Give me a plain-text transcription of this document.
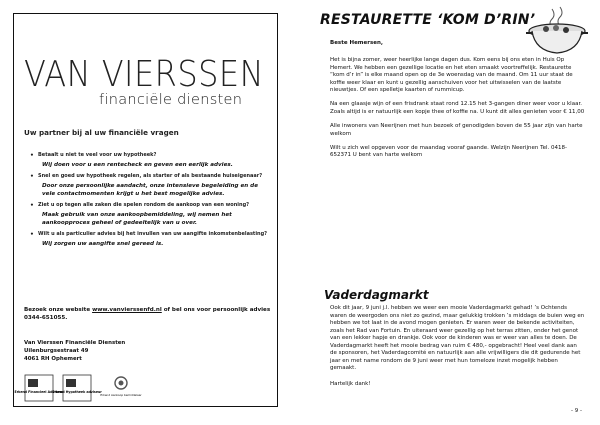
VAN VIERSSEN
financiële diensten
Uw partner bij al uw financiële vragen
• Betaalt u niet te veel voor uw hypotheek?
Wij doen voor u een rentecheck en geven een eerlijk advies.
• Snel en goed uw hypotheek regelen, als starter of als bestaande huiseigenaar?
Door onze persoonlijke aandacht, onze intensieve begeleiding en de vele contactmomenten krijgt u het best mogelijke advies.
• Ziet u op tegen alle zaken die spelen rondom de aankoop van een woning?
Maak gebruik van onze aankoopbemiddeling, wij nemen het aankoopproces geheel of gedeeltelijk van u over.
• Wilt u als particulier advies bij het invullen van uw aangifte inkomstenbelasting?
Wij zorgen uw aangifte snel gereed is.
Bezoek onze website www.vanvierssenfd.nl of bel ons voor persoonlijk advies 0344-651055.
Van Vierssen Financiële Diensten
Uilenburgsestraat 49
4061 RH Ophemert
Erkend Financieel Adviseur
Erkend Hypotheek adviseur
Erkend Aankoop bemiddelaar
RESTAURETTE ‘KOM D’RIN’

Beste Hemersen,

Het is bijna zomer, weer heerlijke lange dagen dus. Kom eens bij ons eten in Huis Op Hemert. We hebben een gezellige locatie en het eten smaakt voortreffelijk. Restaurette “kom d’r in” is elke maand open op de 3e woensdag van de maand. Om 11 uur staat de koffie weer klaar en kunt u gezellig aanschuiven voor het uitwisselen van de laatste nieuwtjes. Of een spelletje kaarten of rummicup.

Na een glaasje wijn of een frisdrank staat rond 12.15 het 3-gangen diner weer voor u klaar. Zoals altijd is er natuurlijk een kopje thee of koffie na. U kunt dit alles genieten voor € 11,00

Alle inwoners van Neerijnen met hun bezoek of genodigden boven de 55 jaar zijn van harte welkom

Wilt u zich wel opgeven voor de maandag vooraf gaande. Welzijn Neerijnen Tel. 0418-652371 U bent van harte welkom

Vaderdagmarkt

Ook dit jaar, 9 juni j.l. hebben we weer een mooie Vaderdagmarkt gehad! ’s Ochtends waren de weergoden ons niet zo gezind, maar gelukkig trokken ’s middags de buien weg en hebben we tot laat in de avond mogen genieten. Er waren weer de bekende activiteiten, zoals het Rad van Fortuin. En uiteraard weer gezellig op het terras zitten, onder het genot van een lekker hapje en drankje. Ook voor de kinderen was er weer van alles te doen. De Vaderdagmarkt heeft het mooie bedrag van ruim € 480,- opgebracht! Heel veel dank aan de sponsoren, het Vaderdagcomité en natuurlijk aan alle vrijwilligers die dit gedurende het jaar en met name rondom de 9 juni weer met hun tomeloze inzet mogelijk hebben gemaakt.

Hartelijk dank!

- 9 -
